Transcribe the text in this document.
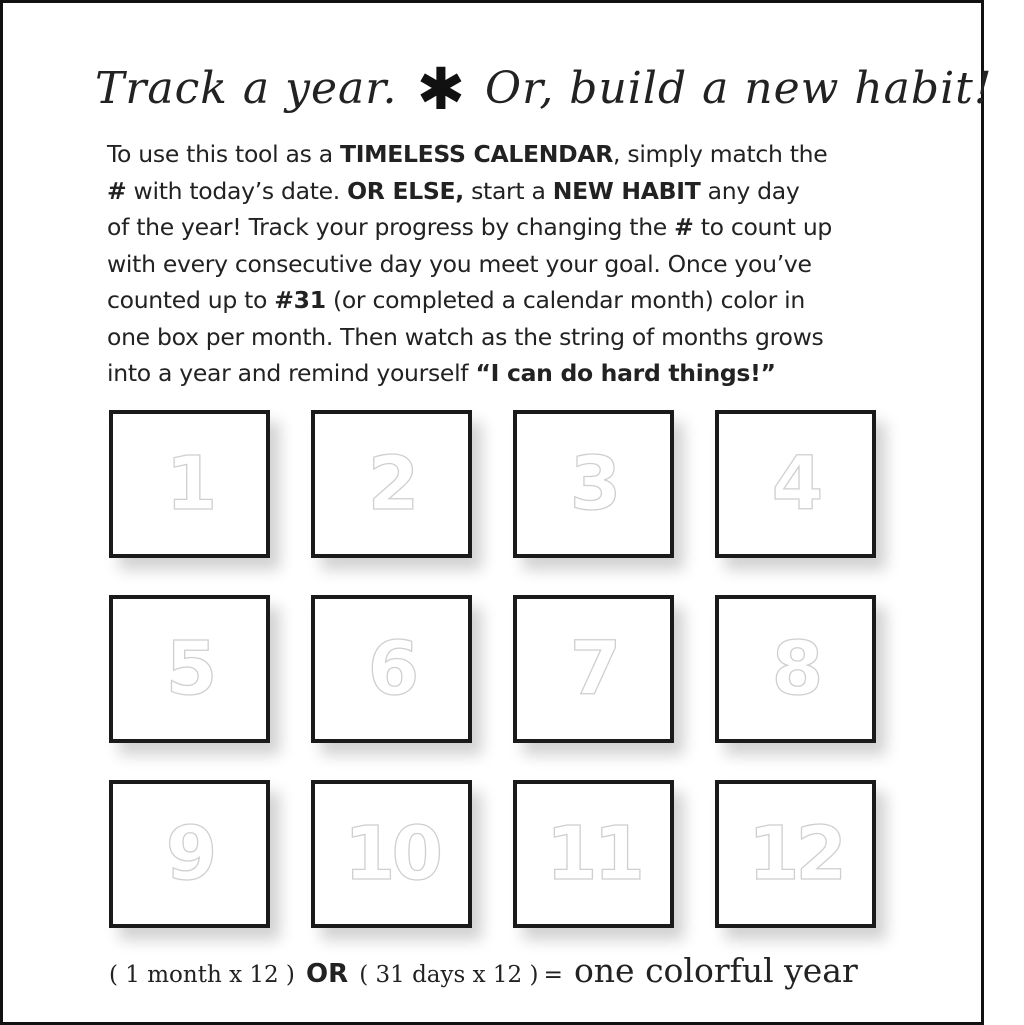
Track a year. ✱ Or, build a new habit!
To use this tool as a TIMELESS CALENDAR, simply match the
# with today’s date. OR ELSE, start a NEW HABIT any day
of the year! Track your progress by changing the # to count up
with every consecutive day you meet your goal. Once you’ve
counted up to #31 (or completed a calendar month) color in
one box per month. Then watch as the string of months grows
into a year and remind yourself “I can do hard things!”
1 2 3 4
5 6 7 8
9 10 11 12
( 1 month x 12 ) OR ( 31 days x 12 ) = one colorful year
